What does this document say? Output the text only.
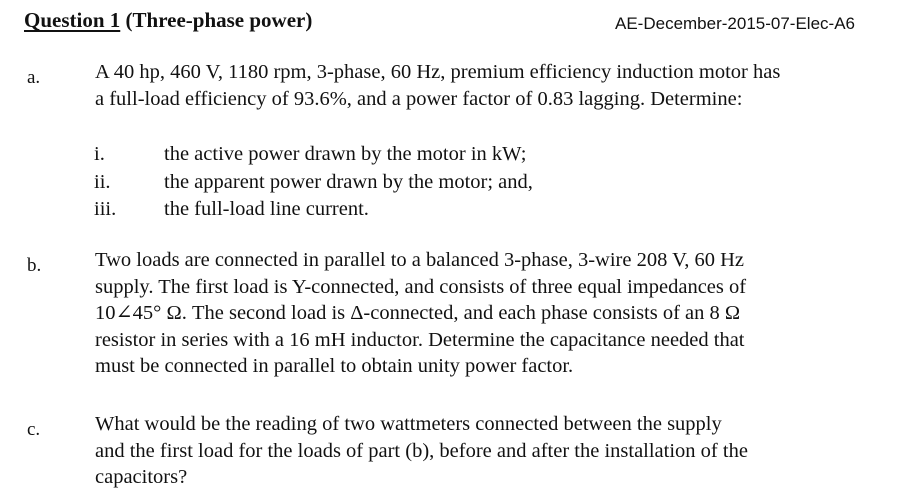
Question 1 (Three-phase power)	AE-December-2015-07-Elec-A6
a.	A 40 hp, 460 V, 1180 rpm, 3-phase, 60 Hz, premium efficiency induction motor has
a full-load efficiency of 93.6%, and a power factor of 0.83 lagging. Determine:
i.	the active power drawn by the motor in kW;
ii.	the apparent power drawn by the motor; and,
iii. the full-load line current.
b.	Two loads are connected in parallel to a balanced 3-phase, 3-wire 208 V, 60 Hz
supply. The first load is Y-connected, and consists of three equal impedances of
10∠45° Ω. The second load is Δ-connected, and each phase consists of an 8 Ω
resistor in series with a 16 mH inductor. Determine the capacitance needed that
must be connected in parallel to obtain unity power factor.
c.	What would be the reading of two wattmeters connected between the supply
and the first load for the loads of part (b), before and after the installation of the
capacitors?
